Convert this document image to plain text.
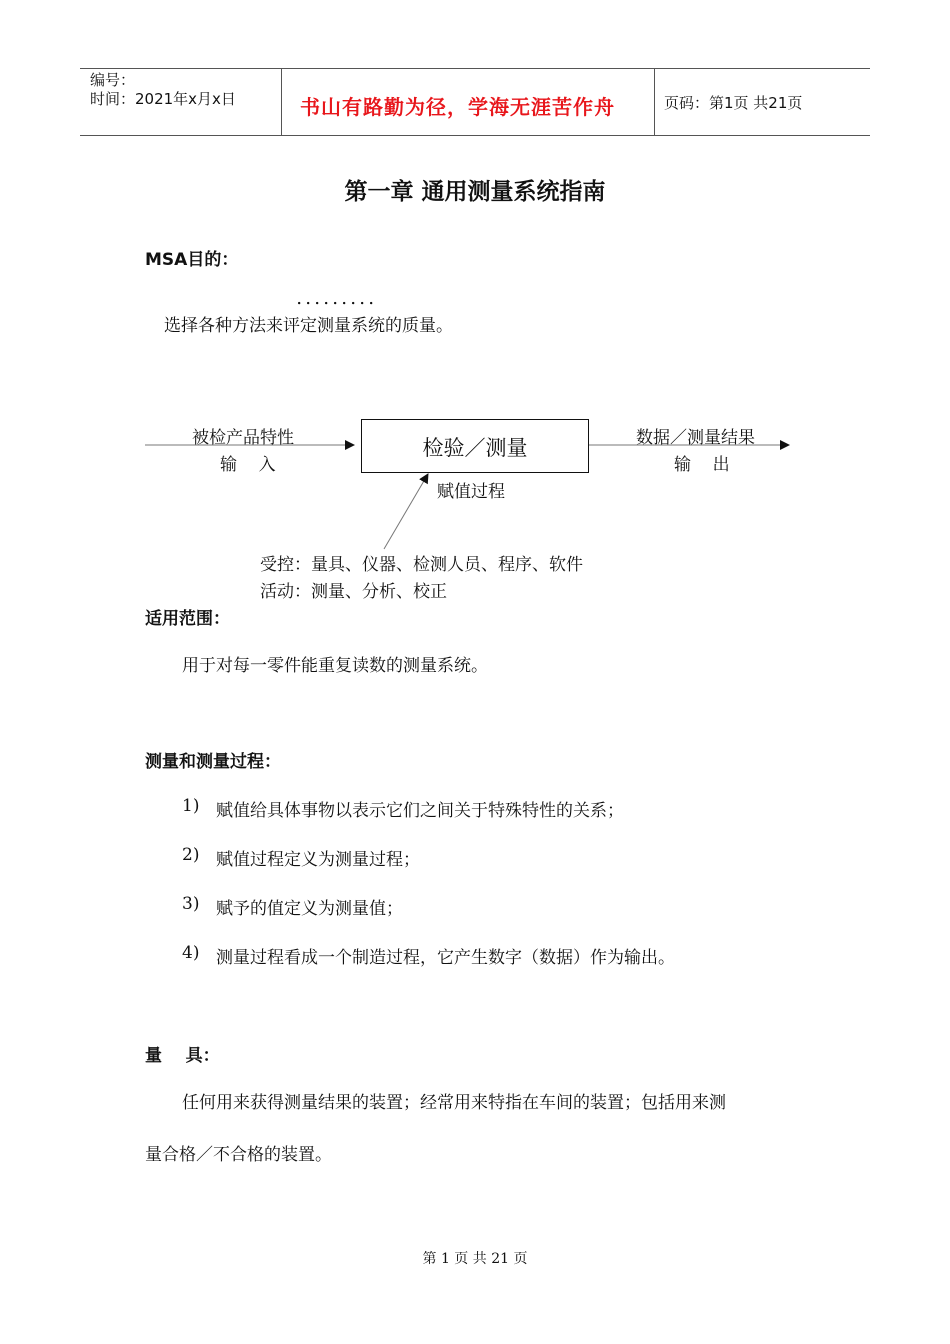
编号：
时间：2021年x月x日	书山有路勤为径，学海无涯苦作舟	页码：第1页 共21页
第一章 通用测量系统指南
MSA目的：
．．．．．．．．．
选择各种方法来评定测量系统的质量。
被检产品特性
输    入
检验／测量	数据／测量结果
输    出
赋值过程
受控：量具、仪器、检测人员、程序、软件
活动：测量、分析、校正
适用范围：
用于对每一零件能重复读数的测量系统。
测量和测量过程：
1) 赋值给具体事物以表示它们之间关于特殊特性的关系；
2) 赋值过程定义为测量过程；
3) 赋予的值定义为测量值；
4) 测量过程看成一个制造过程，它产生数字（数据）作为输出。
量    具：
任何用来获得测量结果的装置；经常用来特指在车间的装置；包括用来测
量合格／不合格的装置。
第 1 页 共 21 页
